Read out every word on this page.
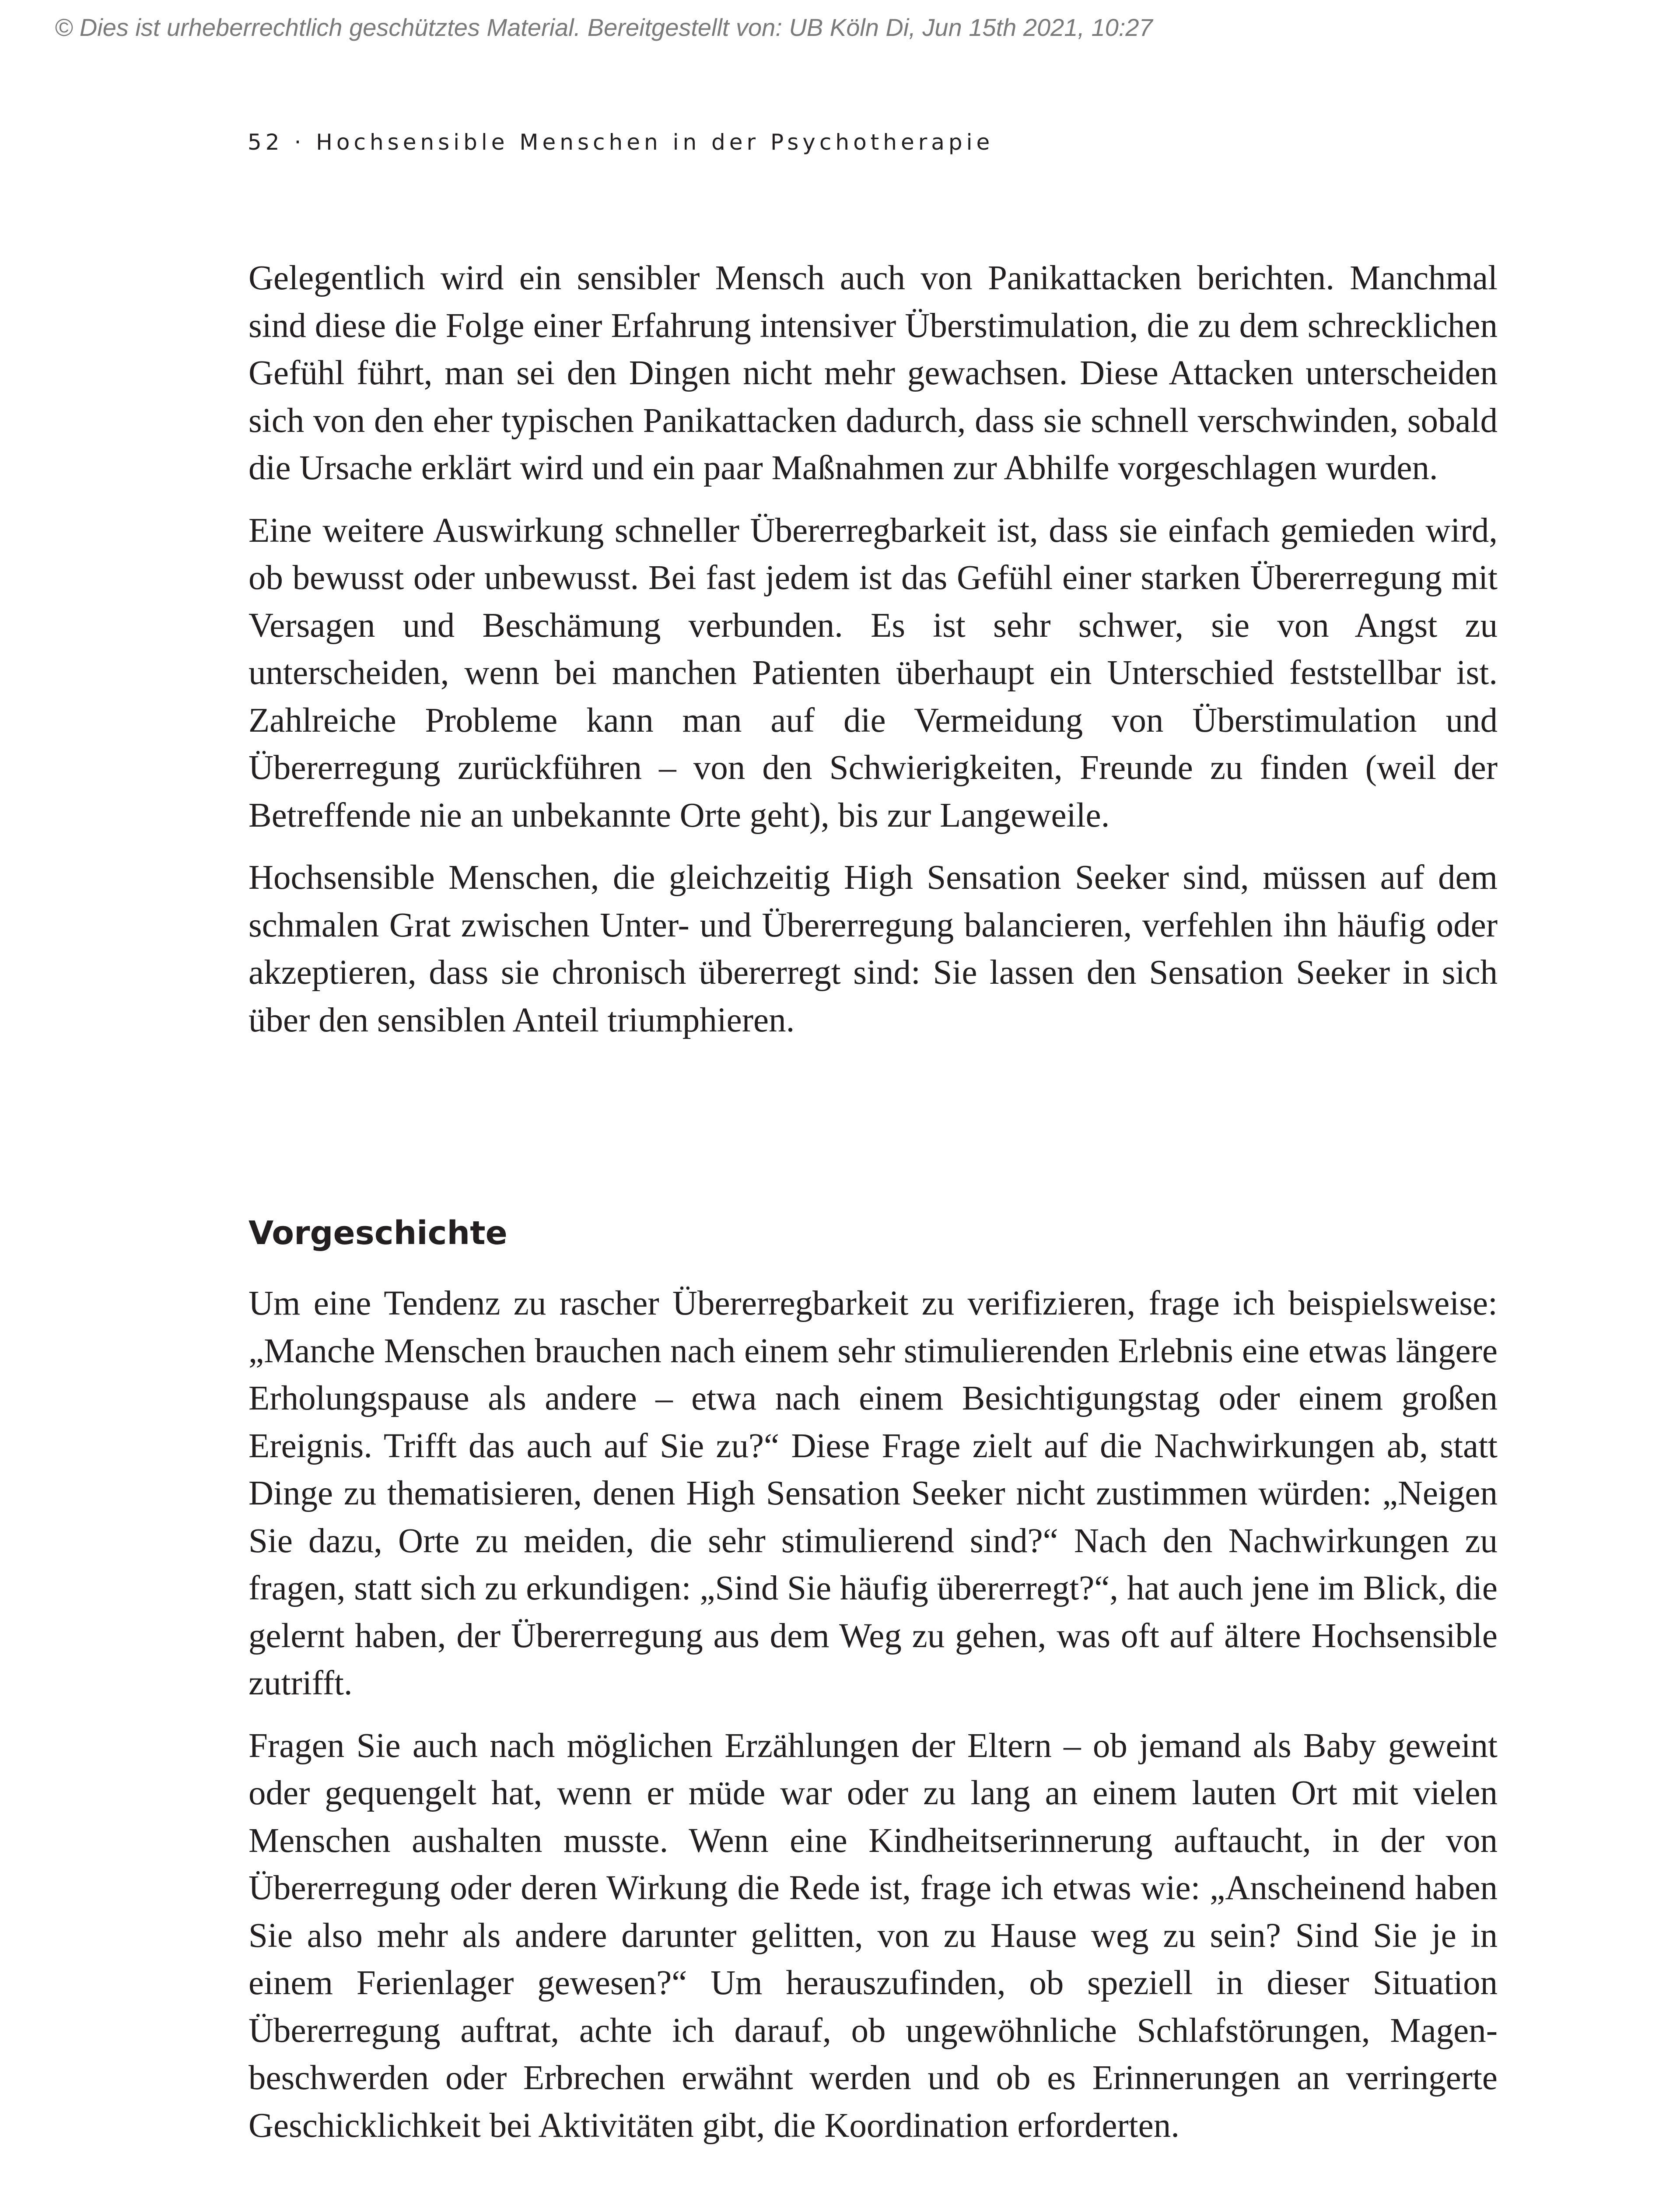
© Dies ist urheberrechtlich geschütztes Material. Bereitgestellt von: UB Köln Di, Jun 15th 2021, 10:27
52 · Hochsensible Menschen in der Psychotherapie

Gelegentlich wird ein sensibler Mensch auch von Panikattacken berichten. Manchmal sind diese die Folge einer Erfahrung intensiver Überstimulation, die zu dem schrecklichen Gefühl führt, man sei den Dingen nicht mehr gewachsen. Diese Attacken unterscheiden sich von den eher typischen Panikattacken dadurch, dass sie schnell verschwinden, sobald die Ursache erklärt wird und ein paar Maßnahmen zur Abhilfe vorgeschlagen wurden.

Eine weitere Auswirkung schneller Übererregbarkeit ist, dass sie einfach gemieden wird, ob bewusst oder unbewusst. Bei fast jedem ist das Gefühl einer starken Übererregung mit Versagen und Beschämung verbunden. Es ist sehr schwer, sie von Angst zu unterscheiden, wenn bei manchen Patienten überhaupt ein Unterschied feststellbar ist. Zahlreiche Probleme kann man auf die Vermeidung von Überstimulation und Übererregung zurückführen – von den Schwierigkeiten, Freunde zu finden (weil der Betreffende nie an unbekannte Orte geht), bis zur Langeweile.

Hochsensible Menschen, die gleichzeitig High Sensation Seeker sind, müssen auf dem schmalen Grat zwischen Unter- und Übererregung balancieren, verfehlen ihn häufig oder akzeptieren, dass sie chronisch übererregt sind: Sie lassen den Sensation Seeker in sich über den sensiblen Anteil triumphieren.

Vorgeschichte

Um eine Tendenz zu rascher Übererregbarkeit zu verifizieren, frage ich beispielsweise: „Manche Menschen brauchen nach einem sehr stimulierenden Erlebnis eine etwas längere Erholungspause als andere – etwa nach einem Besichtigungstag oder einem großen Ereignis. Trifft das auch auf Sie zu?“ Diese Frage zielt auf die Nachwirkungen ab, statt Dinge zu thematisieren, denen High Sensation Seeker nicht zustimmen würden: „Neigen Sie dazu, Orte zu meiden, die sehr stimulierend sind?“ Nach den Nachwirkungen zu fragen, statt sich zu erkundigen: „Sind Sie häufig übererregt?“, hat auch jene im Blick, die gelernt haben, der Übererregung aus dem Weg zu gehen, was oft auf ältere Hochsensible zutrifft.

Fragen Sie auch nach möglichen Erzählungen der Eltern – ob jemand als Baby geweint oder gequengelt hat, wenn er müde war oder zu lang an einem lauten Ort mit vielen Menschen aushalten musste. Wenn eine Kindheitserinnerung auftaucht, in der von Übererregung oder deren Wirkung die Rede ist, frage ich etwas wie: „Anscheinend haben Sie also mehr als andere darunter gelitten, von zu Hause weg zu sein? Sind Sie je in einem Ferienlager gewesen?“ Um herauszufinden, ob speziell in dieser Situation Übererregung auftrat, achte ich darauf, ob ungewöhnliche Schlafstörungen, Magenbeschwerden oder Erbrechen erwähnt werden und ob es Erinnerungen an verringerte Geschicklichkeit bei Aktivitäten gibt, die Koordination erforderten.
